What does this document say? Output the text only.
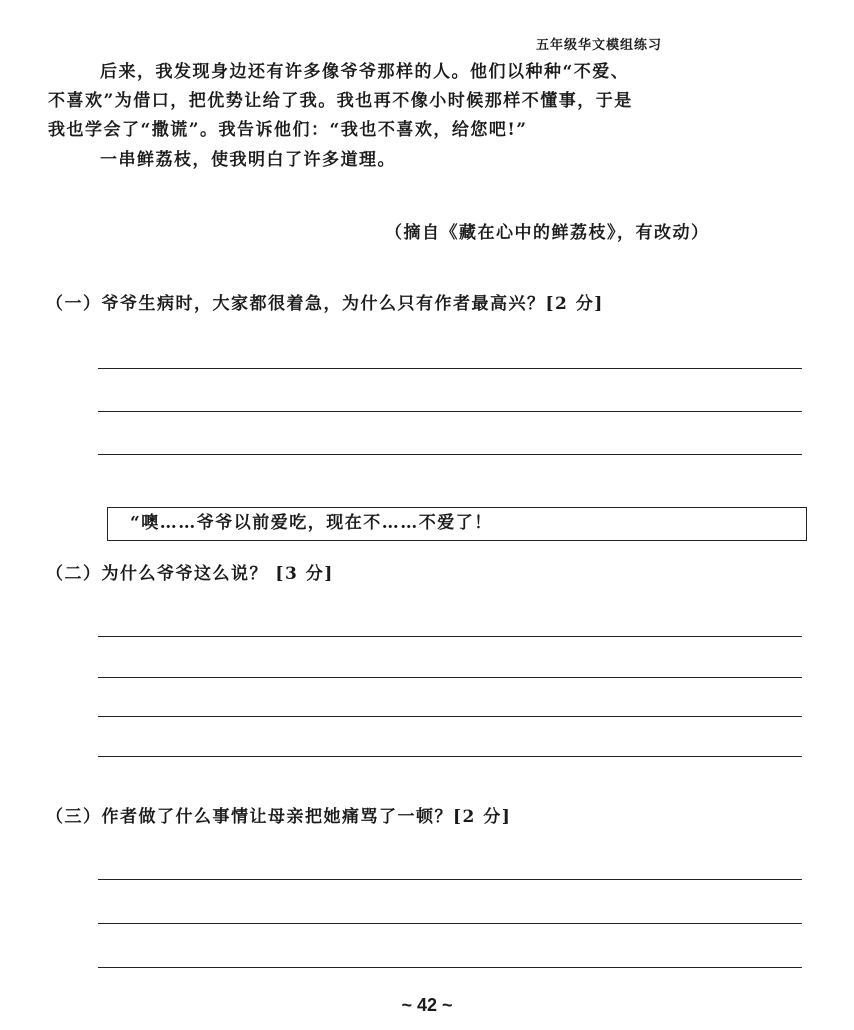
五年级华文模组练习

后来，我发现身边还有许多像爷爷那样的人。他们以种种“不爱、
不喜欢”为借口，把优势让给了我。我也再不像小时候那样不懂事，于是
我也学会了“撒谎”。我告诉他们：“我也不喜欢，给您吧!”

一串鲜荔枝，使我明白了许多道理。

（摘自《藏在心中的鲜荔枝》，有改动）
（一）爷爷生病时，大家都很着急，为什么只有作者最高兴？[2 分]
“噢……爷爷以前爱吃，现在不……不爱了！
（二）为什么爷爷这么说？ [3 分]
（三）作者做了什么事情让母亲把她痛骂了一顿？[2 分]
~ 42 ~
